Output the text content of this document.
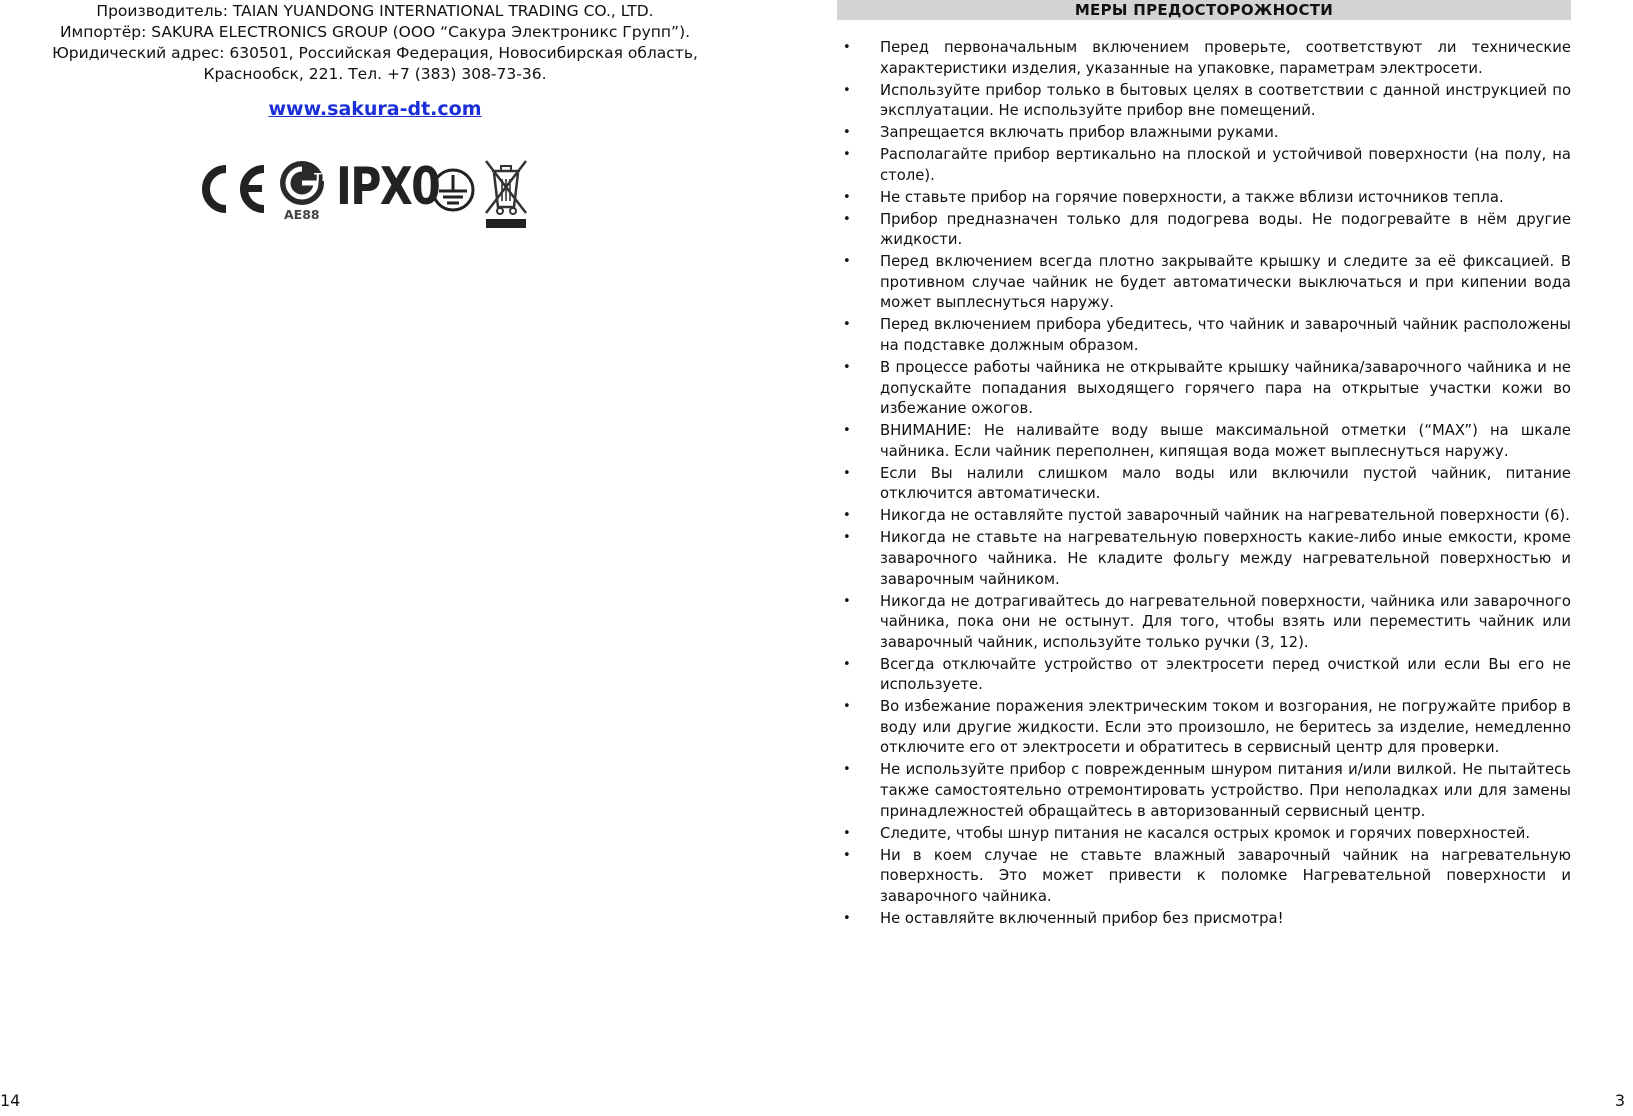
Производитель: TAIAN YUANDONG INTERNATIONAL TRADING CO., LTD.
Импортёр: SAKURA ELECTRONICS GROUP (ООО “Сакура Электроникс Групп”).
Юридический адрес: 630501, Российская Федерация, Новосибирская область,
Краснообск, 221. Тел. +7 (383) 308-73-36.
www.sakura-dt.com
TP
AE88 IPX0
14
МЕРЫ ПРЕДОСТОРОЖНОСТИ
• Перед первоначальным включением проверьте, соответствуют ли технические характеристики изделия, указанные на упаковке, параметрам электросети.
• Используйте прибор только в бытовых целях в соответствии с данной инструкцией по эксплуатации. Не используйте прибор вне помещений.
• Запрещается включать прибор влажными руками.
• Располагайте прибор вертикально на плоской и устойчивой поверхности (на полу, на столе).
• Не ставьте прибор на горячие поверхности, а также вблизи источников тепла.
• Прибор предназначен только для подогрева воды. Не подогревайте в нём другие жидкости.
• Перед включением всегда плотно закрывайте крышку и следите за её фиксацией. В противном случае чайник не будет автоматически выключаться и при кипении вода может выплеснуться наружу.
• Перед включением прибора убедитесь, что чайник и заварочный чайник расположены на подставке должным образом.
• В процессе работы чайника не открывайте крышку чайника/заварочного чайника и не допускайте попадания выходящего горячего пара на открытые участки кожи во избежание ожогов.
• ВНИМАНИЕ: Не наливайте воду выше максимальной отметки (“MAX”) на шкале чайника. Если чайник переполнен, кипящая вода может выплеснуться наружу.
• Если Вы налили слишком мало воды или включили пустой чайник, питание отключится автоматически.
• Никогда не оставляйте пустой заварочный чайник на нагревательной поверхности (6).
• Никогда не ставьте на нагревательную поверхность какие-либо иные емкости, кроме заварочного чайника. Не кладите фольгу между нагревательной поверхностью и заварочным чайником.
• Никогда не дотрагивайтесь до нагревательной поверхности, чайника или заварочного чайника, пока они не остынут. Для того, чтобы взять или переместить чайник или заварочный чайник, используйте только ручки (3, 12).
• Всегда отключайте устройство от электросети перед очисткой или если Вы его не используете.
• Во избежание поражения электрическим током и возгорания, не погружайте прибор в воду или другие жидкости. Если это произошло, не беритесь за изделие, немедленно отключите его от электросети и обратитесь в сервисный центр для проверки.
• Не используйте прибор с поврежденным шнуром питания и/или вилкой. Не пытайтесь также самостоятельно отремонтировать устройство. При неполадках или для замены принадлежностей обращайтесь в авторизованный сервисный центр.
• Следите, чтобы шнур питания не касался острых кромок и горячих поверхностей.
• Ни в коем случае не ставьте влажный заварочный чайник на нагревательную поверхность. Это может привести к поломке Нагревательной поверхности и заварочного чайника.
• Не оставляйте включенный прибор без присмотра!
3
